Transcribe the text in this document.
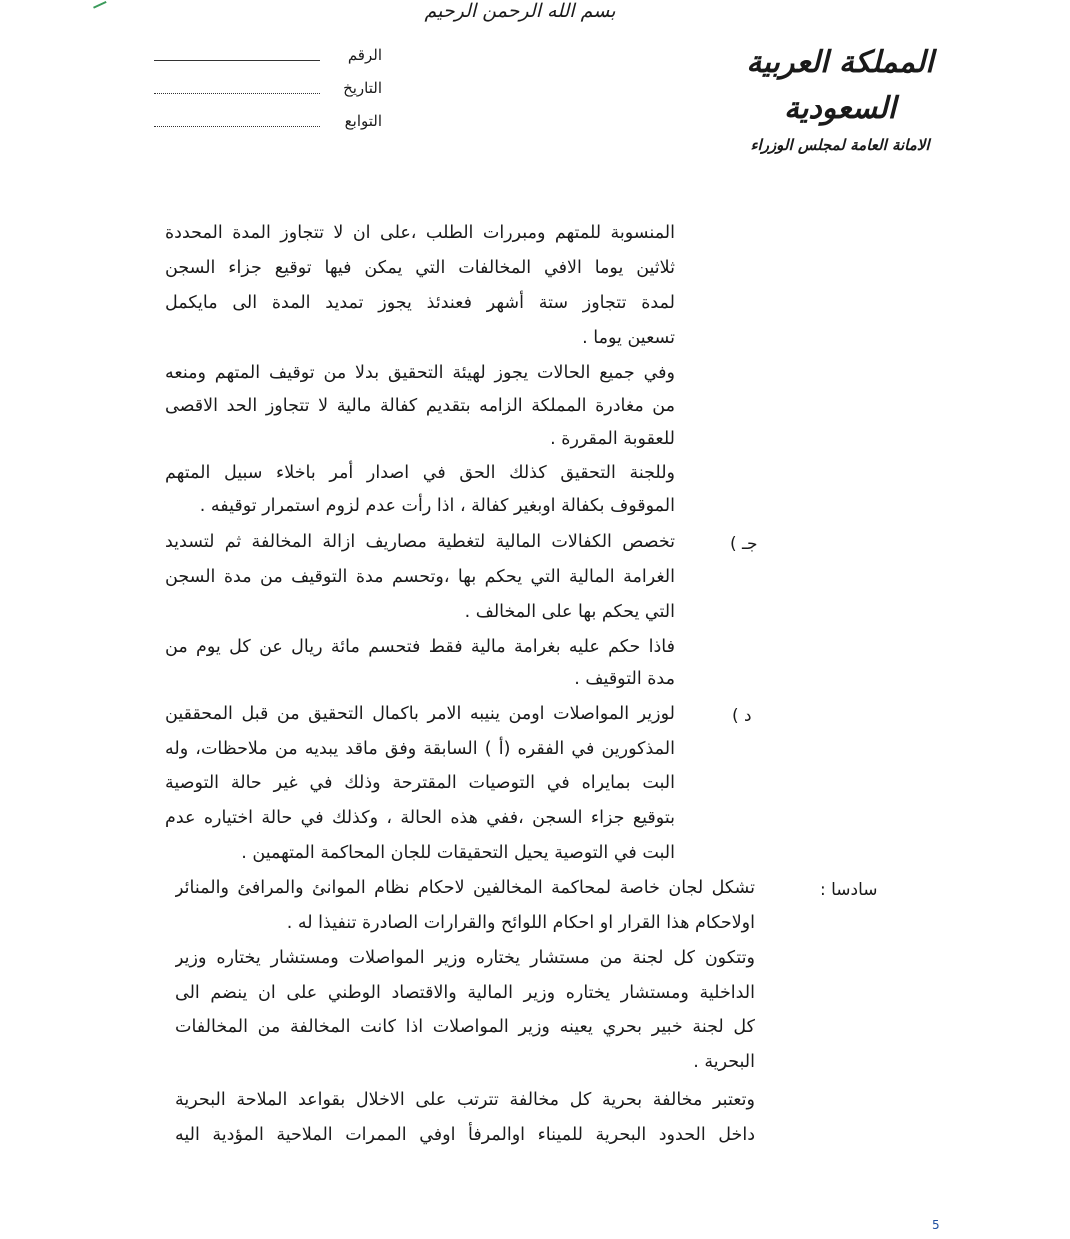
بسم الله الرحمن الرحيم
المملكة العربية السعودية
الامانة العامة لمجلس الوزراء
الرقم
التاريخ
التوابع
المنسوبة للمتهم ومبررات الطلب ،على ان لا تتجاوز المدة المحددة
ثلاثين يوما الافي المخالفات التي يمكن فيها توقيع جزاء السجن
لمدة تتجاوز ستة أشهر فعندئذ يجوز تمديد المدة الى مايكمل
تسعين يوما .
وفي جميع الحالات يجوز لهيئة التحقيق بدلا من توقيف المتهم ومنعه
من مغادرة المملكة الزامه بتقديم كفالة مالية لا تتجاوز الحد الاقصى
للعقوبة المقررة .
وللجنة التحقيق كذلك الحق في اصدار أمر باخلاء سبيل المتهم
الموقوف بكفالة اوبغير كفالة ، اذا رأت عدم لزوم استمرار توقيفه .
جـ )
تخصص الكفالات المالية لتغطية مصاريف ازالة المخالفة ثم لتسديد
الغرامة المالية التي يحكم بها ،وتحسم مدة التوقيف من مدة السجن
التي يحكم بها على المخالف .
فاذا حكم عليه بغرامة مالية فقط فتحسم مائة ريال عن كل يوم من
مدة التوقيف .
د )
لوزير المواصلات اومن ينيبه الامر باكمال التحقيق من قبل المحققين
المذكورين في الفقره (أ ) السابقة وفق ماقد يبديه من ملاحظات، وله
البت بمايراه في التوصيات المقترحة وذلك في غير حالة التوصية
بتوقيع جزاء السجن ،ففي هذه الحالة ، وكذلك في حالة اختياره عدم
البت في التوصية يحيل التحقيقات للجان المحاكمة المتهمين .
سادسا :
تشكل لجان خاصة لمحاكمة المخالفين لاحكام نظام الموانئ والمرافئ والمنائر
اولاحكام هذا القرار او احكام اللوائح والقرارات الصادرة تنفيذا له .
وتتكون كل لجنة من مستشار يختاره وزير المواصلات ومستشار يختاره وزير
الداخلية ومستشار يختاره وزير المالية والاقتصاد الوطني على ان ينضم الى
كل لجنة خبير بحري يعينه وزير المواصلات اذا كانت المخالفة من المخالفات
البحرية .
وتعتبر مخالفة بحرية كل مخالفة تترتب على الاخلال بقواعد الملاحة البحرية
داخل الحدود البحرية للميناء اوالمرفأ اوفي الممرات الملاحية المؤدية اليه
5
